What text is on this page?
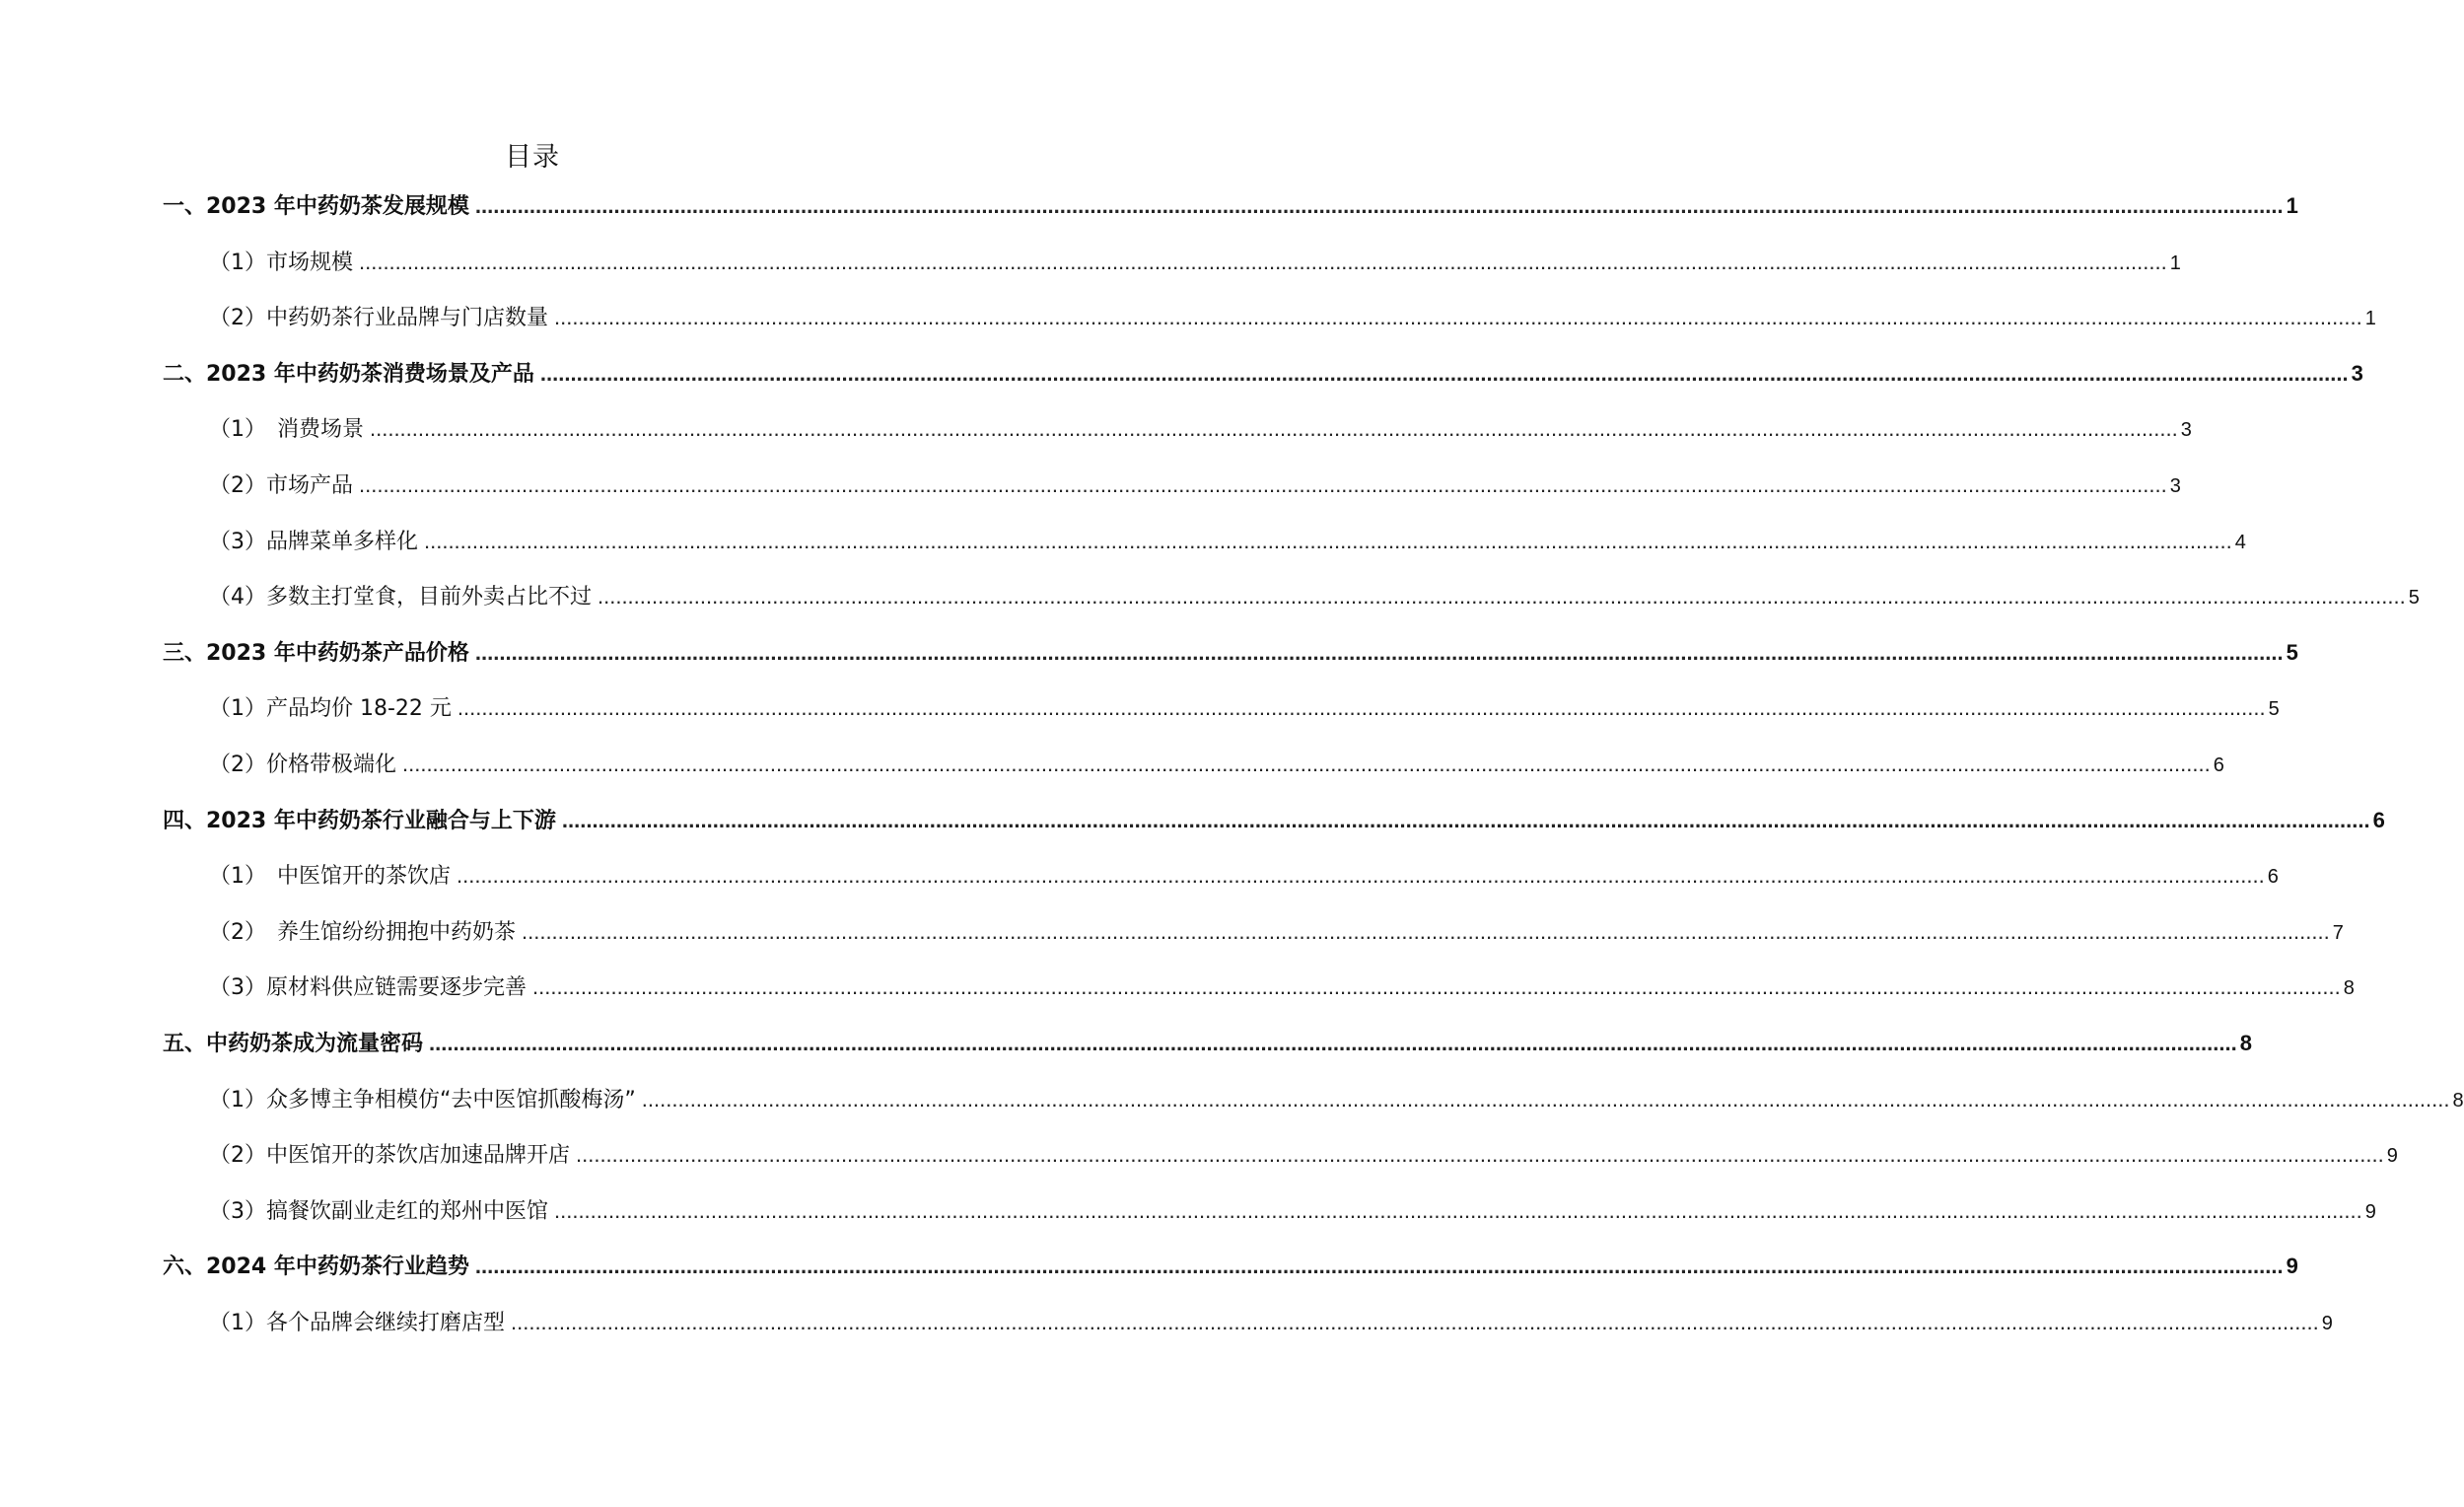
目录
一、2023 年中药奶茶发展规模 ............................................................................................................................................................................................................................................................................................................ 1
（1）市场规模 ............................................................................................................................................................................................................................................................................................................ 1
（2）中药奶茶行业品牌与门店数量 ............................................................................................................................................................................................................................................................................................................ 1
二、2023 年中药奶茶消费场景及产品 ............................................................................................................................................................................................................................................................................................................ 3
（1）　消费场景 ............................................................................................................................................................................................................................................................................................................ 3
（2）市场产品 ............................................................................................................................................................................................................................................................................................................ 3
（3）品牌菜单多样化 ............................................................................................................................................................................................................................................................................................................ 4
（4）多数主打堂食，目前外卖占比不过 ............................................................................................................................................................................................................................................................................................................ 5
三、2023 年中药奶茶产品价格 ............................................................................................................................................................................................................................................................................................................ 5
（1）产品均价 18-22 元 ............................................................................................................................................................................................................................................................................................................ 5
（2）价格带极端化 ............................................................................................................................................................................................................................................................................................................ 6
四、2023 年中药奶茶行业融合与上下游 ............................................................................................................................................................................................................................................................................................................ 6
（1）　中医馆开的茶饮店 ............................................................................................................................................................................................................................................................................................................ 6
（2）　养生馆纷纷拥抱中药奶茶 ............................................................................................................................................................................................................................................................................................................ 7
（3）原材料供应链需要逐步完善 ............................................................................................................................................................................................................................................................................................................ 8
五、中药奶茶成为流量密码 ............................................................................................................................................................................................................................................................................................................ 8
（1）众多博主争相模仿“去中医馆抓酸梅汤” ............................................................................................................................................................................................................................................................................................................ 8
（2）中医馆开的茶饮店加速品牌开店 ............................................................................................................................................................................................................................................................................................................ 9
（3）搞餐饮副业走红的郑州中医馆 ............................................................................................................................................................................................................................................................................................................ 9
六、2024 年中药奶茶行业趋势 ............................................................................................................................................................................................................................................................................................................ 9
（1）各个品牌会继续打磨店型 ............................................................................................................................................................................................................................................................................................................ 9
